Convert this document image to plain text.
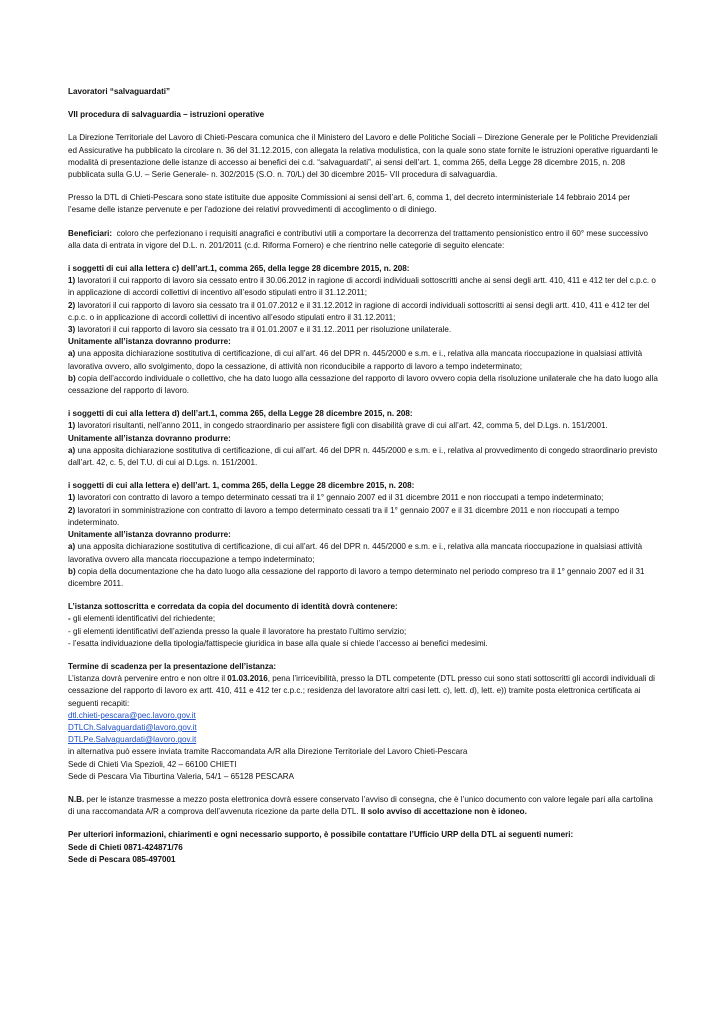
Lavoratori “salvaguardati”

VII procedura di salvaguardia – istruzioni operative

La Direzione Territoriale del Lavoro di Chieti-Pescara comunica che il Ministero del Lavoro e delle Politiche Sociali – Direzione Generale per le Politiche Previdenziali ed Assicurative ha pubblicato la circolare n. 36 del 31.12.2015, con allegata la relativa modulistica, con la quale sono state fornite le istruzioni operative riguardanti le modalità di presentazione delle istanze di accesso ai benefici dei c.d. “salvaguardati”, ai sensi dell’art. 1, comma 265, della Legge 28 dicembre 2015, n. 208 pubblicata sulla G.U. – Serie Generale- n. 302/2015 (S.O. n. 70/L) del 30 dicembre 2015- VII procedura di salvaguardia.

Presso la DTL di Chieti-Pescara sono state istituite due apposite Commissioni ai sensi dell’art. 6, comma 1, del decreto interministeriale 14 febbraio 2014 per l’esame delle istanze pervenute e per l’adozione dei relativi provvedimenti di accoglimento o di diniego.

Beneficiari: coloro che perfezionano i requisiti anagrafici e contributivi utili a comportare la decorrenza del trattamento pensionistico entro il 60° mese successivo alla data di entrata in vigore del D.L. n. 201/2011 (c.d. Riforma Fornero) e che rientrino nelle categorie di seguito elencate:

i soggetti di cui alla lettera c) dell’art.1, comma 265, della legge 28 dicembre 2015, n. 208:

1) lavoratori il cui rapporto di lavoro sia cessato entro il 30.06.2012 in ragione di accordi individuali sottoscritti anche ai sensi degli artt. 410, 411 e 412 ter del c.p.c. o in applicazione di accordi collettivi di incentivo all’esodo stipulati entro il 31.12.2011;

2) lavoratori il cui rapporto di lavoro sia cessato tra il 01.07.2012 e il 31.12.2012 in ragione di accordi individuali sottoscritti ai sensi degli artt. 410, 411 e 412 ter del c.p.c. o in applicazione di accordi collettivi di incentivo all’esodo stipulati entro il 31.12.2011;

3) lavoratori il cui rapporto di lavoro sia cessato tra il 01.01.2007 e il 31.12..2011 per risoluzione unilaterale.

Unitamente all’istanza dovranno produrre:

a) una apposita dichiarazione sostitutiva di certificazione, di cui all’art. 46 del DPR n. 445/2000 e s.m. e i., relativa alla mancata rioccupazione in qualsiasi attività lavorativa ovvero, allo svolgimento, dopo la cessazione, di attività non riconducibile a rapporto di lavoro a tempo indeterminato;

b) copia dell’accordo individuale o collettivo, che ha dato luogo alla cessazione del rapporto di lavoro ovvero copia della risoluzione unilaterale che ha dato luogo alla cessazione del rapporto di lavoro.

i soggetti di cui alla lettera d) dell’art.1, comma 265, della Legge 28 dicembre 2015, n. 208:

1) lavoratori risultanti, nell’anno 2011, in congedo straordinario per assistere figli con disabilità grave di cui all’art. 42, comma 5, del D.Lgs. n. 151/2001.

Unitamente all’istanza dovranno produrre:

a) una apposita dichiarazione sostitutiva di certificazione, di cui all’art. 46 del DPR n. 445/2000 e s.m. e i., relativa al provvedimento di congedo straordinario previsto dall’art. 42, c. 5, del T.U. di cui al D.Lgs. n. 151/2001.

i soggetti di cui alla lettera e) dell’art. 1, comma 265, della Legge 28 dicembre 2015, n. 208:

1) lavoratori con contratto di lavoro a tempo determinato cessati tra il 1° gennaio 2007 ed il 31 dicembre 2011 e non rioccupati a tempo indeterminato;

2) lavoratori in somministrazione con contratto di lavoro a tempo determinato cessati tra il 1° gennaio 2007 e il 31 dicembre 2011 e non rioccupati a tempo indeterminato.

Unitamente all’istanza dovranno produrre:

a) una apposita dichiarazione sostitutiva di certificazione, di cui all’art. 46 del DPR n. 445/2000 e s.m. e i., relativa alla mancata rioccupazione in qualsiasi attività lavorativa ovvero alla mancata rioccupazione a tempo indeterminato;

b) copia della documentazione che ha dato luogo alla cessazione del rapporto di lavoro a tempo determinato nel periodo compreso tra il 1° gennaio 2007 ed il 31 dicembre 2011.

L’istanza sottoscritta e corredata da copia del documento di identità dovrà contenere:

- gli elementi identificativi del richiedente;

- gli elementi identificativi dell’azienda presso la quale il lavoratore ha prestato l’ultimo servizio;

- l’esatta individuazione della tipologia/fattispecie giuridica in base alla quale si chiede l’accesso ai benefici medesimi.

Termine di scadenza per la presentazione dell’istanza:

L’istanza dovrà pervenire entro e non oltre il 01.03.2016, pena l’irricevibilità, presso la DTL competente (DTL presso cui sono stati sottoscritti gli accordi individuali di cessazione del rapporto di lavoro ex artt. 410, 411 e 412 ter c.p.c.; residenza del lavoratore altri casi lett. c), lett. d), lett. e)) tramite posta elettronica certificata ai seguenti recapiti:

dtl.chieti-pescara@pec.lavoro.gov.it

DTLCh.Salvaguardati@lavoro.gov.it

DTLPe.Salvaguardati@lavoro.gov.it

in alternativa può essere inviata tramite Raccomandata A/R alla Direzione Territoriale del Lavoro Chieti-Pescara

Sede di Chieti Via Spezioli, 42 – 66100 CHIETI

Sede di Pescara Via Tiburtina Valeria, 54/1 – 65128 PESCARA

N.B. per le istanze trasmesse a mezzo posta elettronica dovrà essere conservato l’avviso di consegna, che è l’unico documento con valore legale pari alla cartolina di una raccomandata A/R a comprova dell’avvenuta ricezione da parte della DTL. Il solo avviso di accettazione non è idoneo.

Per ulteriori informazioni, chiarimenti e ogni necessario supporto, è possibile contattare l’Ufficio URP della DTL ai seguenti numeri:

Sede di Chieti 0871-424871/76

Sede di Pescara 085-497001
